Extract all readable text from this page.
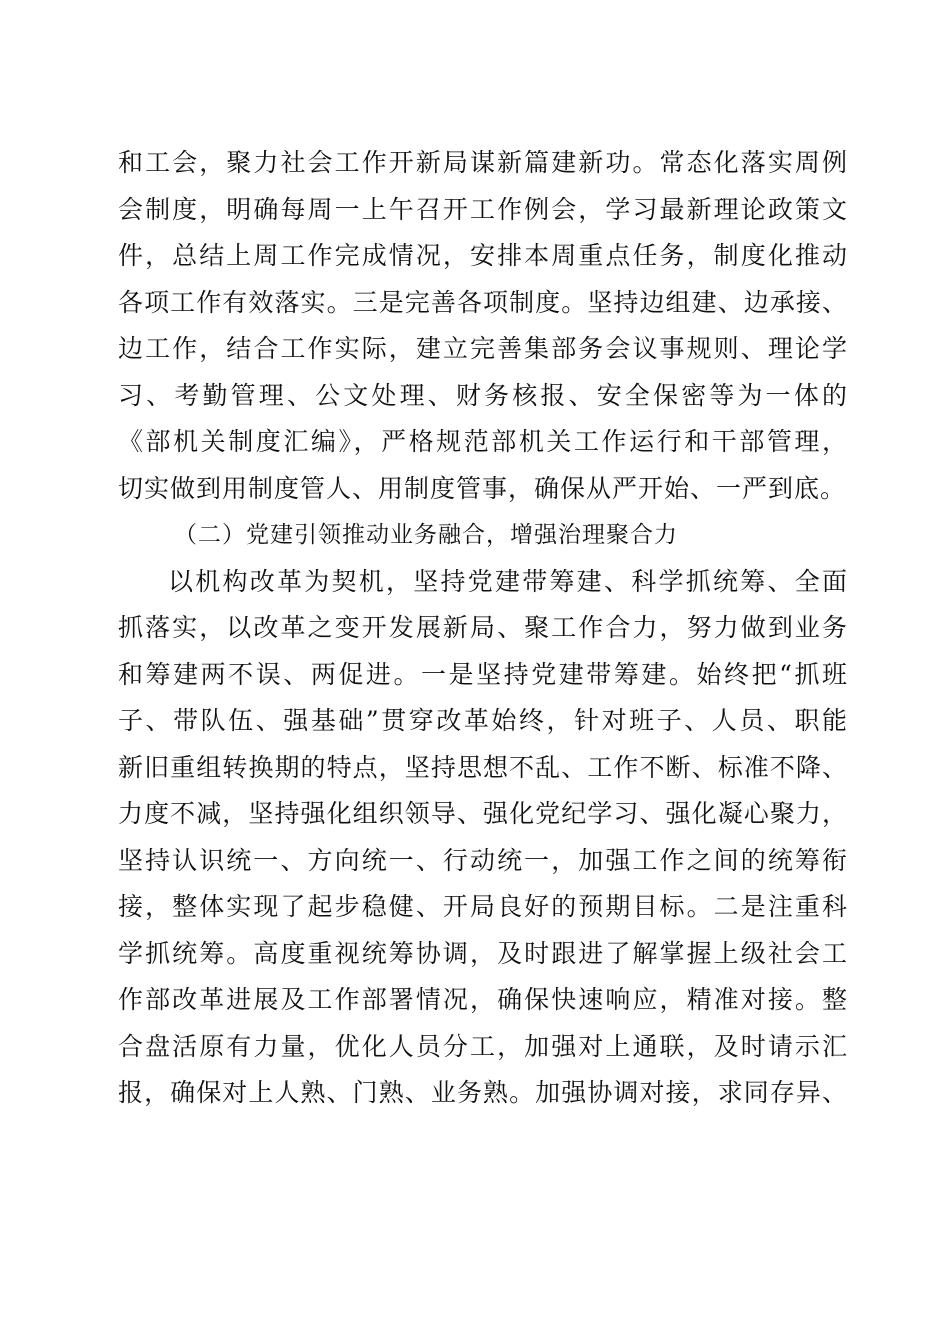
和工会，聚力社会工作开新局谋新篇建新功。常态化落实周例
会制度，明确每周一上午召开工作例会，学习最新理论政策文
件，总结上周工作完成情况，安排本周重点任务，制度化推动
各项工作有效落实。三是完善各项制度。坚持边组建、边承接、
边工作，结合工作实际，建立完善集部务会议事规则、理论学
习、考勤管理、公文处理、财务核报、安全保密等为一体的
《部机关制度汇编》，严格规范部机关工作运行和干部管理，
切实做到用制度管人、用制度管事，确保从严开始、一严到底。
（二）党建引领推动业务融合，增强治理聚合力
以机构改革为契机，坚持党建带筹建、科学抓统筹、全面
抓落实，以改革之变开发展新局、聚工作合力，努力做到业务
和筹建两不误、两促进。一是坚持党建带筹建。始终把“抓班
子、带队伍、强基础”贯穿改革始终，针对班子、人员、职能
新旧重组转换期的特点，坚持思想不乱、工作不断、标准不降、
力度不减，坚持强化组织领导、强化党纪学习、强化凝心聚力，
坚持认识统一、方向统一、行动统一，加强工作之间的统筹衔
接，整体实现了起步稳健、开局良好的预期目标。二是注重科
学抓统筹。高度重视统筹协调，及时跟进了解掌握上级社会工
作部改革进展及工作部署情况，确保快速响应，精准对接。整
合盘活原有力量，优化人员分工，加强对上通联，及时请示汇
报，确保对上人熟、门熟、业务熟。加强协调对接，求同存异、
